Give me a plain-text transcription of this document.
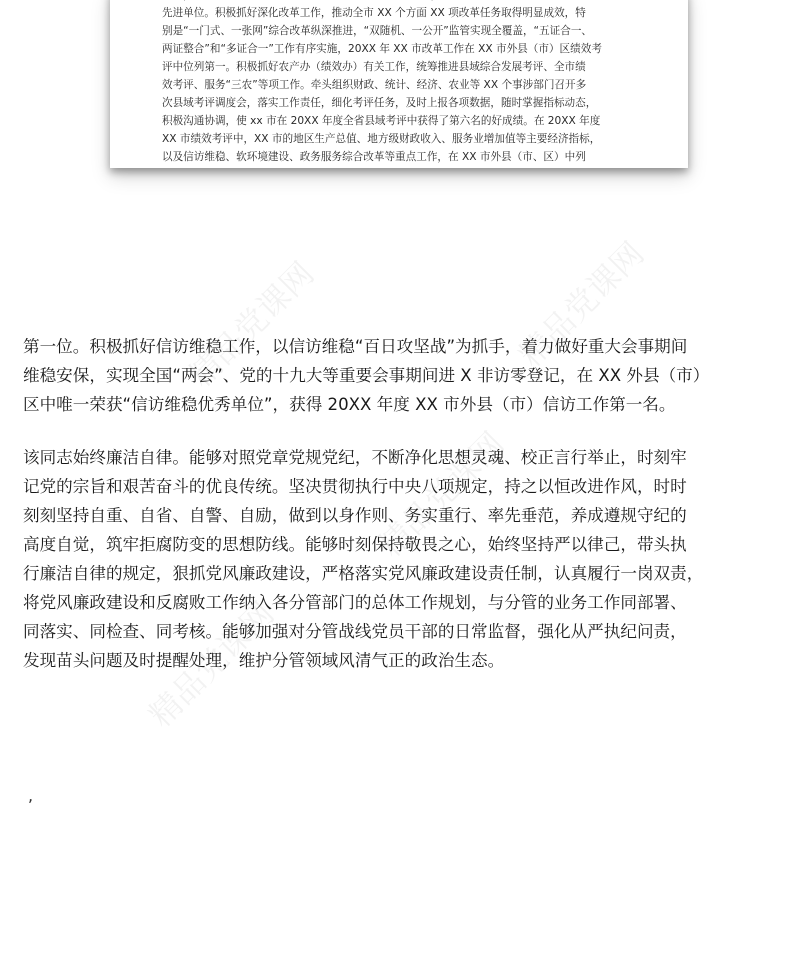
精品党课网	精品党课网
精品党课网
精品党课网
先进单位。积极抓好深化改革工作，推动全市 XX 个方面 XX 项改革任务取得明显成效，特
别是“一门式、一张网”综合改革纵深推进，“双随机、一公开”监管实现全覆盖，“五证合一、
两证整合”和“多证合一”工作有序实施，20XX 年 XX 市改革工作在 XX 市外县（市）区绩效考
评中位列第一。积极抓好农产办（绩效办）有关工作，统筹推进县域综合发展考评、全市绩
效考评、服务“三农”等项工作。牵头组织财政、统计、经济、农业等 XX 个事涉部门召开多
次县域考评调度会，落实工作责任，细化考评任务，及时上报各项数据，随时掌握指标动态，
积极沟通协调，使 xx 市在 20XX 年度全省县域考评中获得了第六名的好成绩。在 20XX 年度
XX 市绩效考评中，XX 市的地区生产总值、地方级财政收入、服务业增加值等主要经济指标，
以及信访维稳、软环境建设、政务服务综合改革等重点工作，在 XX 市外县（市、区）中列
第一位。积极抓好信访维稳工作，以信访维稳“百日攻坚战”为抓手，着力做好重大会事期间
维稳安保，实现全国“两会”、党的十九大等重要会事期间进 X 非访零登记，在 XX 外县（市）
区中唯一荣获“信访维稳优秀单位”，获得 20XX 年度 XX 市外县（市）信访工作第一名。
该同志始终廉洁自律。能够对照党章党规党纪，不断净化思想灵魂、校正言行举止，时刻牢
记党的宗旨和艰苦奋斗的优良传统。坚决贯彻执行中央八项规定，持之以恒改进作风，时时
刻刻坚持自重、自省、自警、自励，做到以身作则、务实重行、率先垂范，养成遵规守纪的
高度自觉，筑牢拒腐防变的思想防线。能够时刻保持敬畏之心，始终坚持严以律己，带头执
行廉洁自律的规定，狠抓党风廉政建设，严格落实党风廉政建设责任制，认真履行一岗双责，
将党风廉政建设和反腐败工作纳入各分管部门的总体工作规划，与分管的业务工作同部署、
同落实、同检查、同考核。能够加强对分管战线党员干部的日常监督，强化从严执纪问责，
发现苗头问题及时提醒处理，维护分管领域风清气正的政治生态。
,
